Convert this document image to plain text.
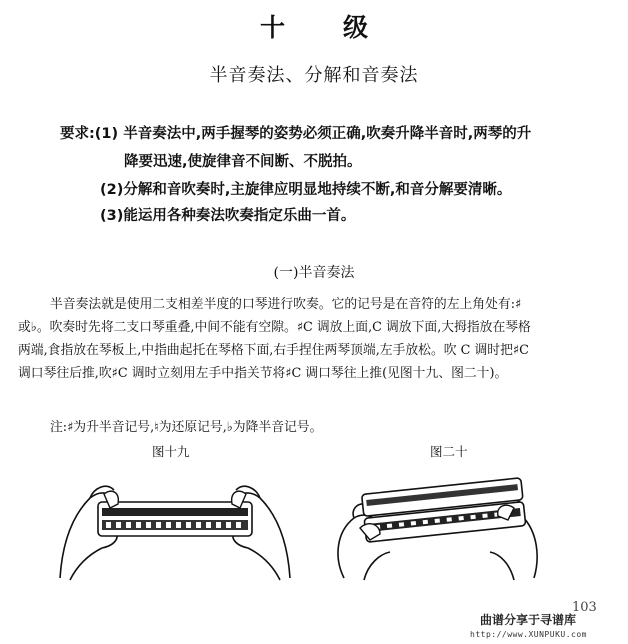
十级
半音奏法、分解和音奏法
要求:(1) 半音奏法中,两手握琴的姿势必须正确,吹奏升降半音时,两琴的升
降要迅速,使旋律音不间断、不脱拍。
(2)分解和音吹奏时,主旋律应明显地持续不断,和音分解要清晰。
(3)能运用各种奏法吹奏指定乐曲一首。
(一)半音奏法
半音奏法就是使用二支相差半度的口琴进行吹奏。它的记号是在音符的左上角处有:♯
或♭。吹奏时先将二支口琴重叠,中间不能有空隙。♯C 调放上面,C 调放下面,大拇指放在琴格
两端,食指放在琴板上,中指曲起托在琴格下面,右手捏住两琴顶端,左手放松。吹 C 调时把♯C
调口琴往后推,吹♯C 调时立刻用左手中指关节将♯C 调口琴往上推(见图十九、图二十)。
注:♯为升半音记号,♮为还原记号,♭为降半音记号。
图十九	图二十
103
曲谱分享于寻谱库
http://www.XUNPUKU.com
